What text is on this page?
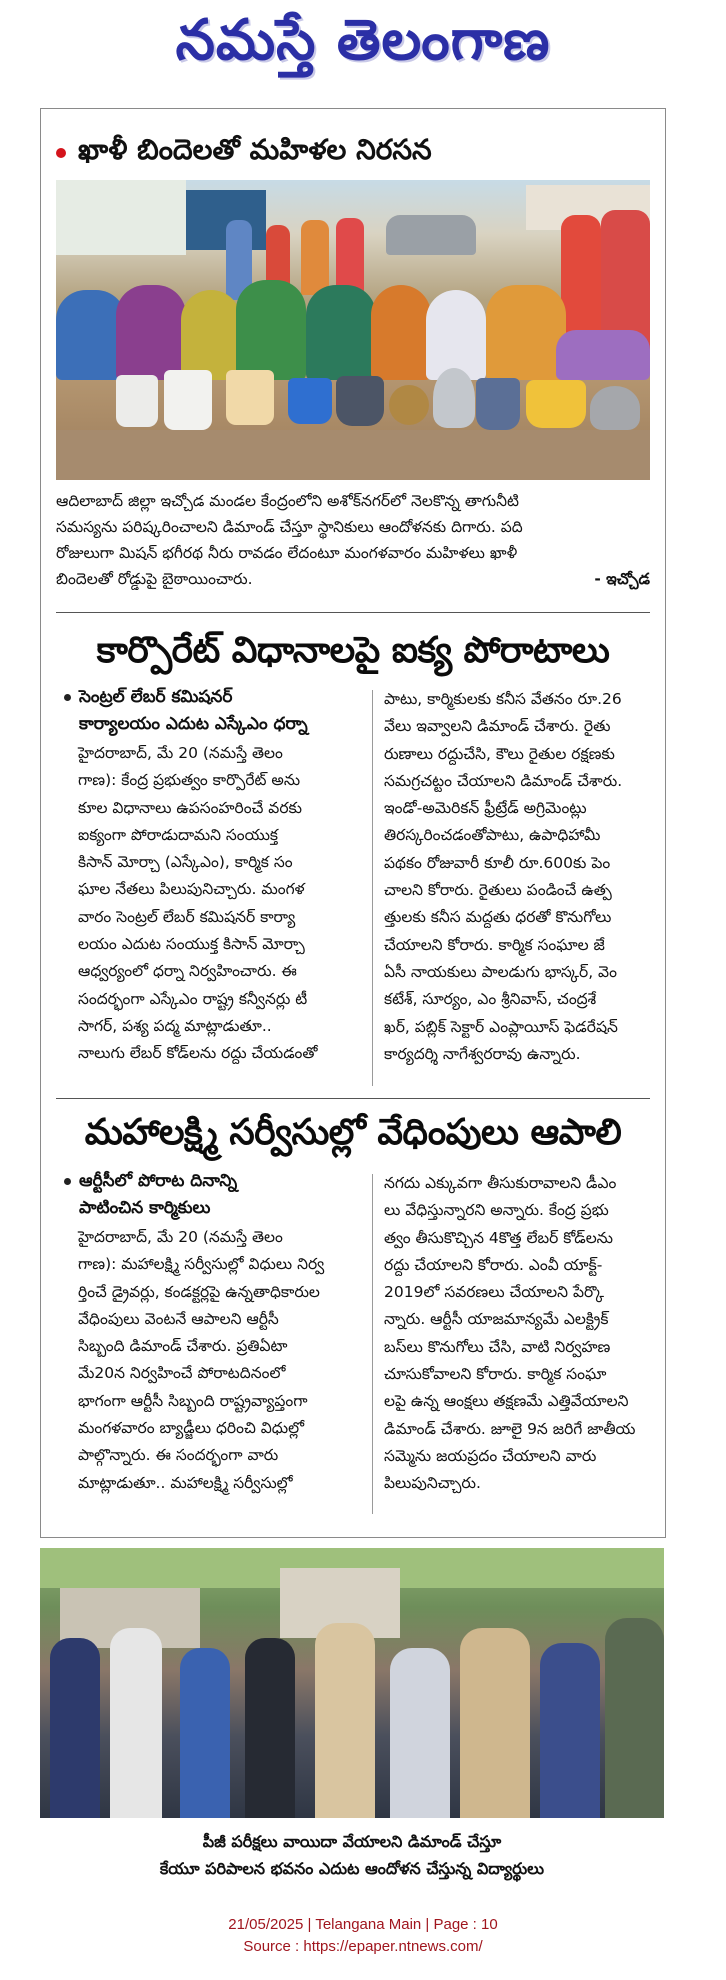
నమస్తే తెలంగాణ
ఖాళీ బిందెలతో మహిళల నిరసన
ఆదిలాబాద్ జిల్లా ఇచ్చోడ మండల కేంద్రంలోని అశోక్‌నగర్‌లో నెలకొన్న తాగునీటి
సమస్యను పరిష్కరించాలని డిమాండ్ చేస్తూ స్థానికులు ఆందోళనకు దిగారు. పది
రోజులుగా మిషన్ భగీరథ నీరు రావడం లేదంటూ మంగళవారం మహిళలు ఖాళీ
బిందెలతో రోడ్డుపై బైఠాయించారు.	- ఇచ్చోడ
కార్పొరేట్ విధానాలపై ఐక్య పోరాటాలు
సెంట్రల్ లేబర్ కమిషనర్
కార్యాలయం ఎదుట ఎస్కేఎం ధర్నా
హైదరాబాద్, మే 20 (నమస్తే తెలం
గాణ): కేంద్ర ప్రభుత్వం కార్పొరేట్ అను
కూల విధానాలు ఉపసంహరించే వరకు
ఐక్యంగా పోరాడుదామని సంయుక్త
కిసాన్ మోర్చా (ఎస్కేఎం), కార్మిక సం
ఘాల నేతలు పిలుపునిచ్చారు. మంగళ
వారం సెంట్రల్ లేబర్ కమిషనర్ కార్యా
లయం ఎదుట సంయుక్త కిసాన్ మోర్చా
ఆధ్వర్యంలో ధర్నా నిర్వహించారు. ఈ
సందర్భంగా ఎస్కేఎం రాష్ట్ర కన్వీనర్లు టీ
సాగర్, పశ్య పద్మ మాట్లాడుతూ..
నాలుగు లేబర్ కోడ్‌లను రద్దు చేయడంతో
పాటు, కార్మికులకు కనీస వేతనం రూ.26
వేలు ఇవ్వాలని డిమాండ్ చేశారు. రైతు
రుణాలు రద్దుచేసి, కౌలు రైతుల రక్షణకు
సమగ్రచట్టం చేయాలని డిమాండ్ చేశారు.
ఇండో-అమెరికన్ ఫ్రీట్రేడ్ అగ్రిమెంట్లు
తిరస్కరించడంతోపాటు, ఉపాధిహామీ
పథకం రోజువారీ కూలీ రూ.600కు పెం
చాలని కోరారు. రైతులు పండించే ఉత్ప
త్తులకు కనీస మద్దతు ధరతో కొనుగోలు
చేయాలని కోరారు. కార్మిక సంఘాల జే
ఏసీ నాయకులు పాలడుగు భాస్కర్, వెం
కటేశ్, సూర్యం, ఎం శ్రీనివాస్, చంద్రశే
ఖర్, పబ్లిక్ సెక్టార్ ఎంప్లాయీస్ ఫెడరేషన్
కార్యదర్శి నాగేశ్వరరావు ఉన్నారు.
మహాలక్ష్మి సర్వీసుల్లో వేధింపులు ఆపాలి
ఆర్టీసీలో పోరాట దినాన్ని
పాటించిన కార్మికులు
హైదరాబాద్, మే 20 (నమస్తే తెలం
గాణ): మహాలక్ష్మి సర్వీసుల్లో విధులు నిర్వ
ర్తించే డ్రైవర్లు, కండక్టర్లపై ఉన్నతాధికారుల
వేధింపులు వెంటనే ఆపాలని ఆర్టీసీ
సిబ్బంది డిమాండ్ చేశారు. ప్రతిఏటా
మే20న నిర్వహించే పోరాటదినంలో
భాగంగా ఆర్టీసీ సిబ్బంది రాష్ట్రవ్యాప్తంగా
మంగళవారం బ్యాడ్జీలు ధరించి విధుల్లో
పాల్గొన్నారు. ఈ సందర్భంగా వారు
మాట్లాడుతూ.. మహాలక్ష్మి సర్వీసుల్లో
నగదు ఎక్కువగా తీసుకురావాలని డీఎం
లు వేధిస్తున్నారని అన్నారు. కేంద్ర ప్రభు
త్వం తీసుకొచ్చిన 4కొత్త లేబర్ కోడ్‌లను
రద్దు చేయాలని కోరారు. ఎంవీ యాక్ట్-
2019లో సవరణలు చేయాలని పేర్కొ
న్నారు. ఆర్టీసీ యాజమాన్యమే ఎలక్ట్రిక్
బస్‌లు కొనుగోలు చేసి, వాటి నిర్వహణ
చూసుకోవాలని కోరారు. కార్మిక సంఘా
లపై ఉన్న ఆంక్షలు తక్షణమే ఎత్తివేయాలని
డిమాండ్ చేశారు. జూలై 9న జరిగే జాతీయ
సమ్మెను జయప్రదం చేయాలని వారు
పిలుపునిచ్చారు.
పీజీ పరీక్షలు వాయిదా వేయాలని డిమాండ్ చేస్తూ
కేయూ పరిపాలన భవనం ఎదుట ఆందోళన చేస్తున్న విద్యార్థులు
21/05/2025 | Telangana Main | Page : 10
Source : https://epaper.ntnews.com/
